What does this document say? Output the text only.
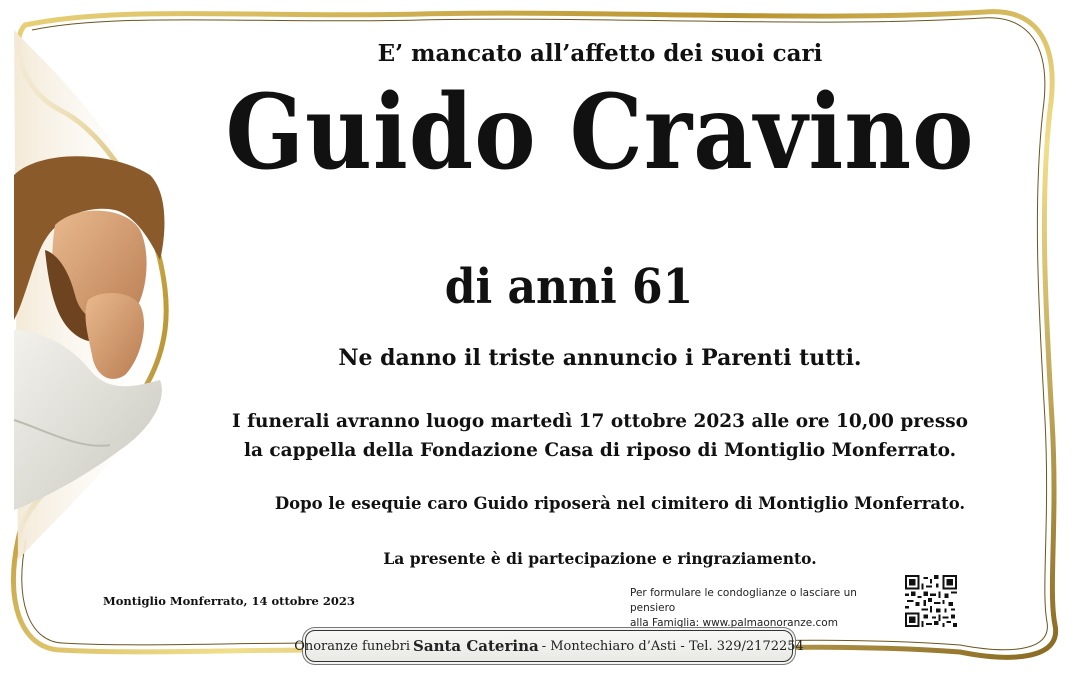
E’ mancato all’affetto dei suoi cari
Guido Cravino
di anni 61
Ne danno il triste annuncio i Parenti tutti.
I funerali avranno luogo martedì 17 ottobre 2023 alle ore 10,00 presso
la cappella della Fondazione Casa di riposo di Montiglio Monferrato.
Dopo le esequie caro Guido riposerà nel cimitero di Montiglio Monferrato.
La presente è di partecipazione e ringraziamento.
Montiglio Monferrato, 14 ottobre 2023
Per formulare le condoglianze o lasciare un pensiero
alla Famiglia: www.palmaonoranze.com
Onoranze funebri Santa Caterina - Montechiaro d’Asti - Tel. 329/2172254
